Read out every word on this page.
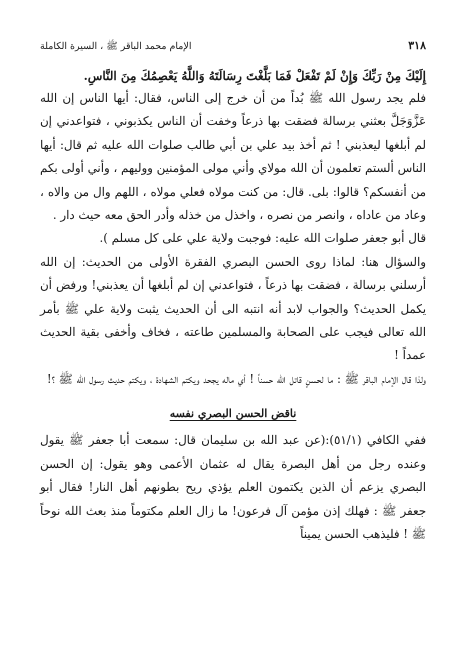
٣١٨
الإمام محمد الباقر ﷺ ، السيرة الكاملة

إِلَيْكَ مِنْ رَبِّكَ وَإِنْ لَمْ تَفْعَلْ فَمَا بَلَّغْتَ رِسَالَتَهُ وَاللَّهُ يَعْصِمُكَ مِنَ النَّاسِ.

فلم يجد رسول الله ﷺ بُداً من أن خرج إلى الناس، فقال: أيها الناس إن الله عَزَّوَجَلَّ بعثني برسالة فضقت بها ذرعاً وخفت أن الناس يكذبوني ، فتواعدني إن لم أبلغها ليعذبني ! ثم أخذ بيد علي بن أبي طالب صلوات الله عليه ثم قال: أيها الناس ألستم تعلمون أن الله مولاي وأني مولى المؤمنين ووليهم ، وأني أولى بكم من أنفسكم؟ قالوا: بلى. قال: من كنت مولاه فعلي مولاه ، اللهم وال من والاه ، وعاد من عاداه ، وانصر من نصره ، واخذل من خذله وأدر الحق معه حيث دار .

قال أبو جعفر صلوات الله عليه: فوجبت ولاية علي على كل مسلم ).

والسؤال هنا: لماذا روى الحسن البصري الفقرة الأولى من الحديث: إن الله أرسلني برسالة ، فضقت بها ذرعاً ، فتواعدني إن لم أبلغها أن يعذبني! ورفض أن يكمل الحديث؟ والجواب لابد أنه انتبه الى أن الحديث يثبت ولاية علي ﷺ بأمر الله تعالى فيجب على الصحابة والمسلمين طاعته ، فخاف وأخفى بقية الحديث عمداً !

ولذا قال الإمام الباقر ﷺ : ما لحسنٍ قاتل الله حسناً ! أي ماله يجحد ويكتم الشهادة ، ويكتم حديث رسول الله ﷺ ؟!

ناقض الحسن البصري نفسه

ففي الكافي (٥١/١):(عن عبد الله بن سليمان قال: سمعت أبا جعفر ﷺ يقول وعنده رجل من أهل البصرة يقال له عثمان الأعمى وهو يقول: إن الحسن البصري يزعم أن الذين يكتمون العلم يؤذي ريح بطونهم أهل النار! فقال أبو جعفر ﷺ : فهلك إذن مؤمن آل فرعون! ما زال العلم مكتوماً منذ بعث الله نوحاً ﷺ ! فليذهب الحسن يميناً
